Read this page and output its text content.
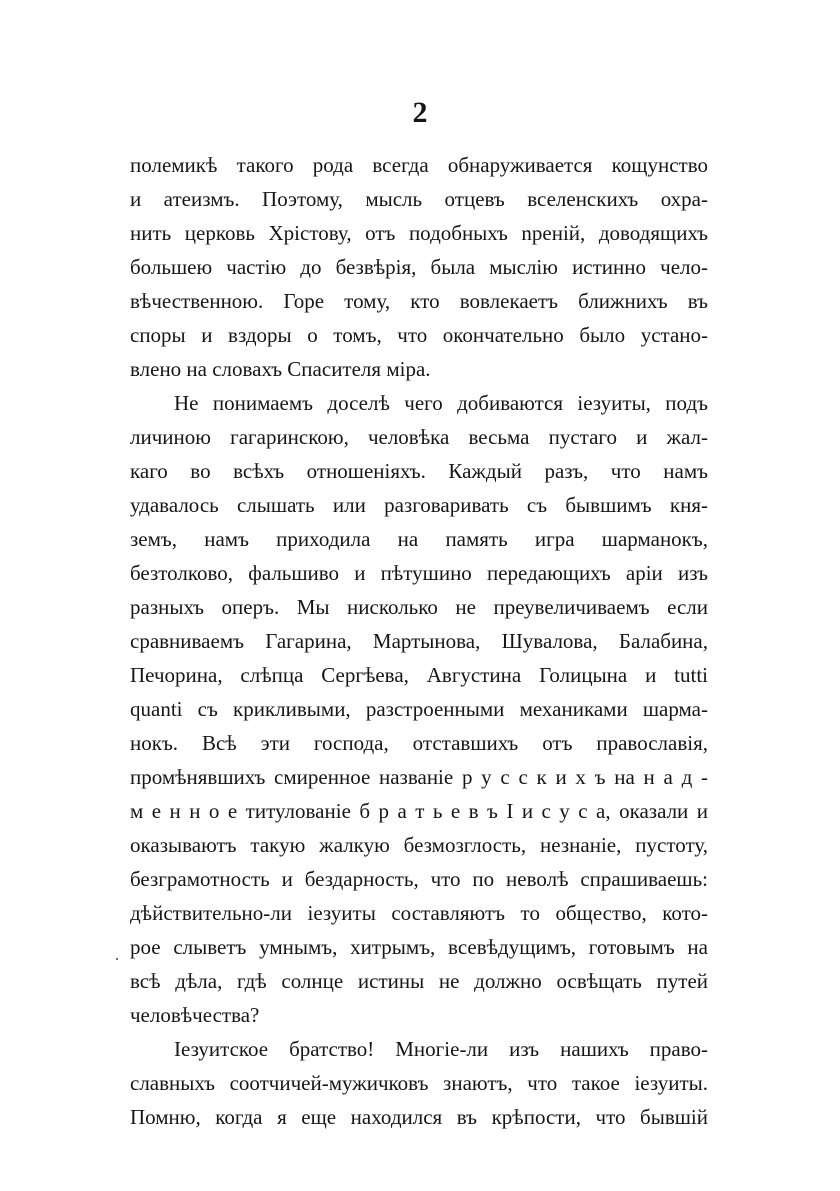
2
полемикѣ такого рода всегда обнаруживается кощунство
и атеизмъ. Поэтому, мысль отцевъ вселенскихъ охра-
нить церковь Хрiстову, отъ подобныхъ npeнiй, доводящихъ
большею частiю до безвѣрiя, была мыслiю истинно чело-
вѣчественною. Горе тому, кто вовлекаетъ ближнихъ въ
споры и вздоры о томъ, что окончательно было устано-
влено на словахъ Спасителя мiра.
Не понимаемъ доселѣ чего добиваются iезуиты, подъ
личиною гагаринскою, человѣка весьма пустаго и жал-
каго во всѣхъ отношенiяхъ. Каждый разъ, что намъ
удавалось слышать или разговаривать съ бывшимъ кня-
земъ, намъ приходила на память игра шарманокъ,
безтолково, фальшиво и пѣтушино передающихъ арiи изъ
разныхъ оперъ. Мы нисколько не преувеличиваемъ если
сравниваемъ Гагарина, Мартынова, Шувалова, Балабина,
Печорина, слѣпца Сергѣева, Августина Голицына и tutti
quanti съ крикливыми, разстроенными механиками шарма-
нокъ. Всѣ эти господа, отставшихъ отъ православiя,
промѣнявшихъ смиренное названiе р у с с к и х ъ на н а д -
м е н н о е титулованiе б р а т ь е в ъ I и с у с а, оказали и
оказываютъ такую жалкую безмозглость, незнанiе, пустоту,
безграмотность и бездарность, что по неволѣ спрашиваешь:
дѣйствительно-ли iезуиты составляютъ то общество, кото-
рое слыветъ умнымъ, хитрымъ, всевѣдущимъ, готовымъ на
всѣ дѣла, гдѣ солнце истины не должно освѣщать путей
человѣчества?
Iезуитское братство! Многiе-ли изъ нашихъ право-
славныхъ соотчичей-мужичковъ знаютъ, что такое iезуиты.
Помню, когда я еще находился въ крѣпости, что бывшiй
